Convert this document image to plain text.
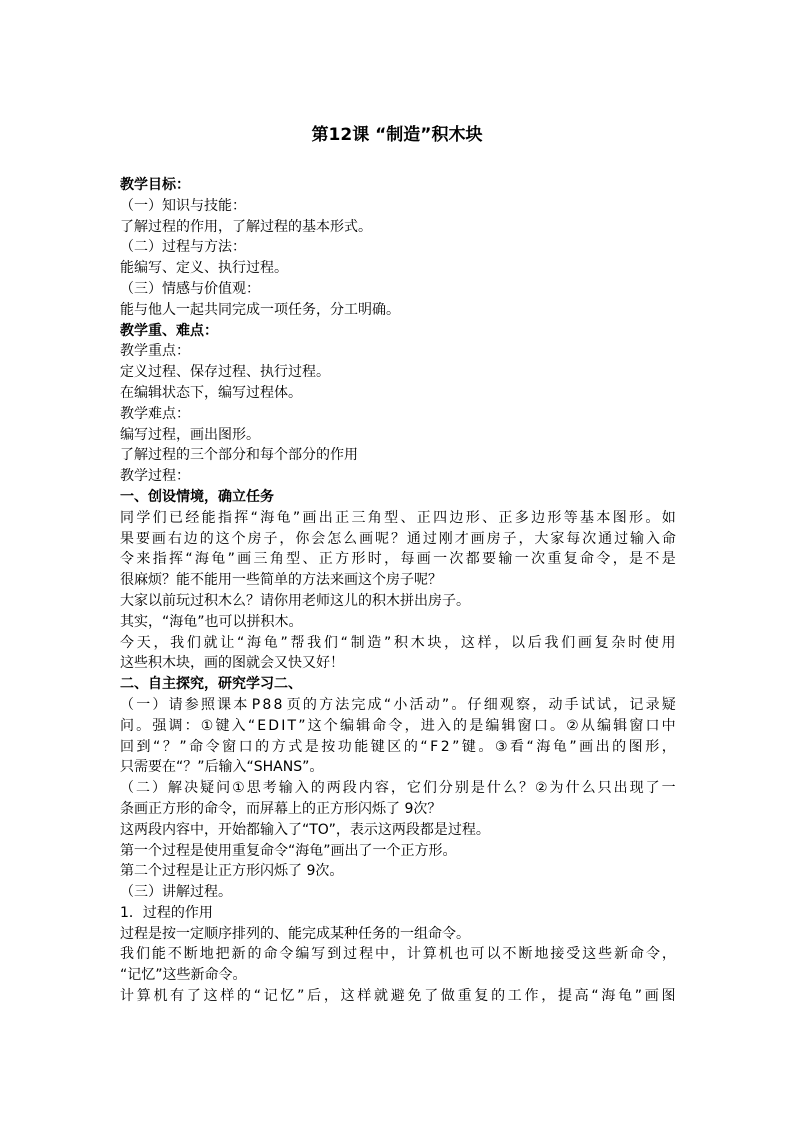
第12课 “制造”积木块
教学目标：
（一）知识与技能：
了解过程的作用，了解过程的基本形式。
（二）过程与方法：
能编写、定义、执行过程。
（三）情感与价值观：
能与他人一起共同完成一项任务，分工明确。
教学重、难点：
教学重点：
定义过程、保存过程、执行过程。
在编辑状态下，编写过程体。
教学难点：
编写过程，画出图形。
了解过程的三个部分和每个部分的作用
教学过程：
一、创设情境，确立任务
同 学 们 已 经 能 指 挥 “ 海 龟 ” 画 出 正 三 角 型 、 正 四 边 形 、 正 多 边 形 等 基 本 图 形 。 如
果 要 画 右 边 的 这 个 房 子 ， 你 会 怎 么 画 呢 ？ 通 过 刚 才 画 房 子 ， 大 家 每 次 通 过 输 入 命
令 来 指 挥 “ 海 龟 ” 画 三 角 型 、 正 方 形 时 ， 每 画 一 次 都 要 输 一 次 重 复 命 令 ， 是 不 是
很麻烦？能不能用一些简单的方法来画这个房子呢？
大家以前玩过积木么？请你用老师这儿的积木拼出房子。
其实，“海龟”也可以拼积木。
今 天 ， 我 们 就 让 “ 海 龟 ” 帮 我 们 “ 制 造 ” 积 木 块 ， 这 样 ， 以 后 我 们 画 复 杂 时 使 用
这些积木块，画的图就会又快又好！
二、自主探究，研究学习二、
（ 一 ） 请 参 照 课 本 P 8 8 页 的 方 法 完 成 “ 小 活 动 ” 。 仔 细 观 察 ， 动 手 试 试 ， 记 录 疑
问 。 强 调 ： ① 键 入 “ E D I T ” 这 个 编 辑 命 令 ， 进 入 的 是 编 辑 窗 口 。 ② 从 编 辑 窗 口 中
回 到 “ ？ ” 命 令 窗 口 的 方 式 是 按 功 能 键 区 的 “ F 2 ” 键 。 ③ 看 “ 海 龟 ” 画 出 的 图 形 ，
只需要在“？”后输入“SHANS”。
（ 二 ） 解 决 疑 问 ① 思 考 输 入 的 两 段 内 容 ， 它 们 分 别 是 什 么 ？ ② 为 什 么 只 出 现 了 一
条画正方形的命令，而屏幕上的正方形闪烁了 9次？
这两段内容中，开始都输入了“TO”，表示这两段都是过程。
第一个过程是使用重复命令“海龟”画出了一个正方形。
第二个过程是让正方形闪烁了 9次。
（三）讲解过程。
1．过程的作用
过程是按一定顺序排列的、能完成某种任务的一组命令。
我 们 能 不 断 地 把 新 的 命 令 编 写 到 过 程 中 ， 计 算 机 也 可 以 不 断 地 接 受 这 些 新 命 令 ，
“记忆”这些新命令。
计 算 机 有 了 这 样 的 “ 记 忆 ” 后 ， 这 样 就 避 免 了 做 重 复 的 工 作 ， 提 高 “ 海 龟 ” 画 图
